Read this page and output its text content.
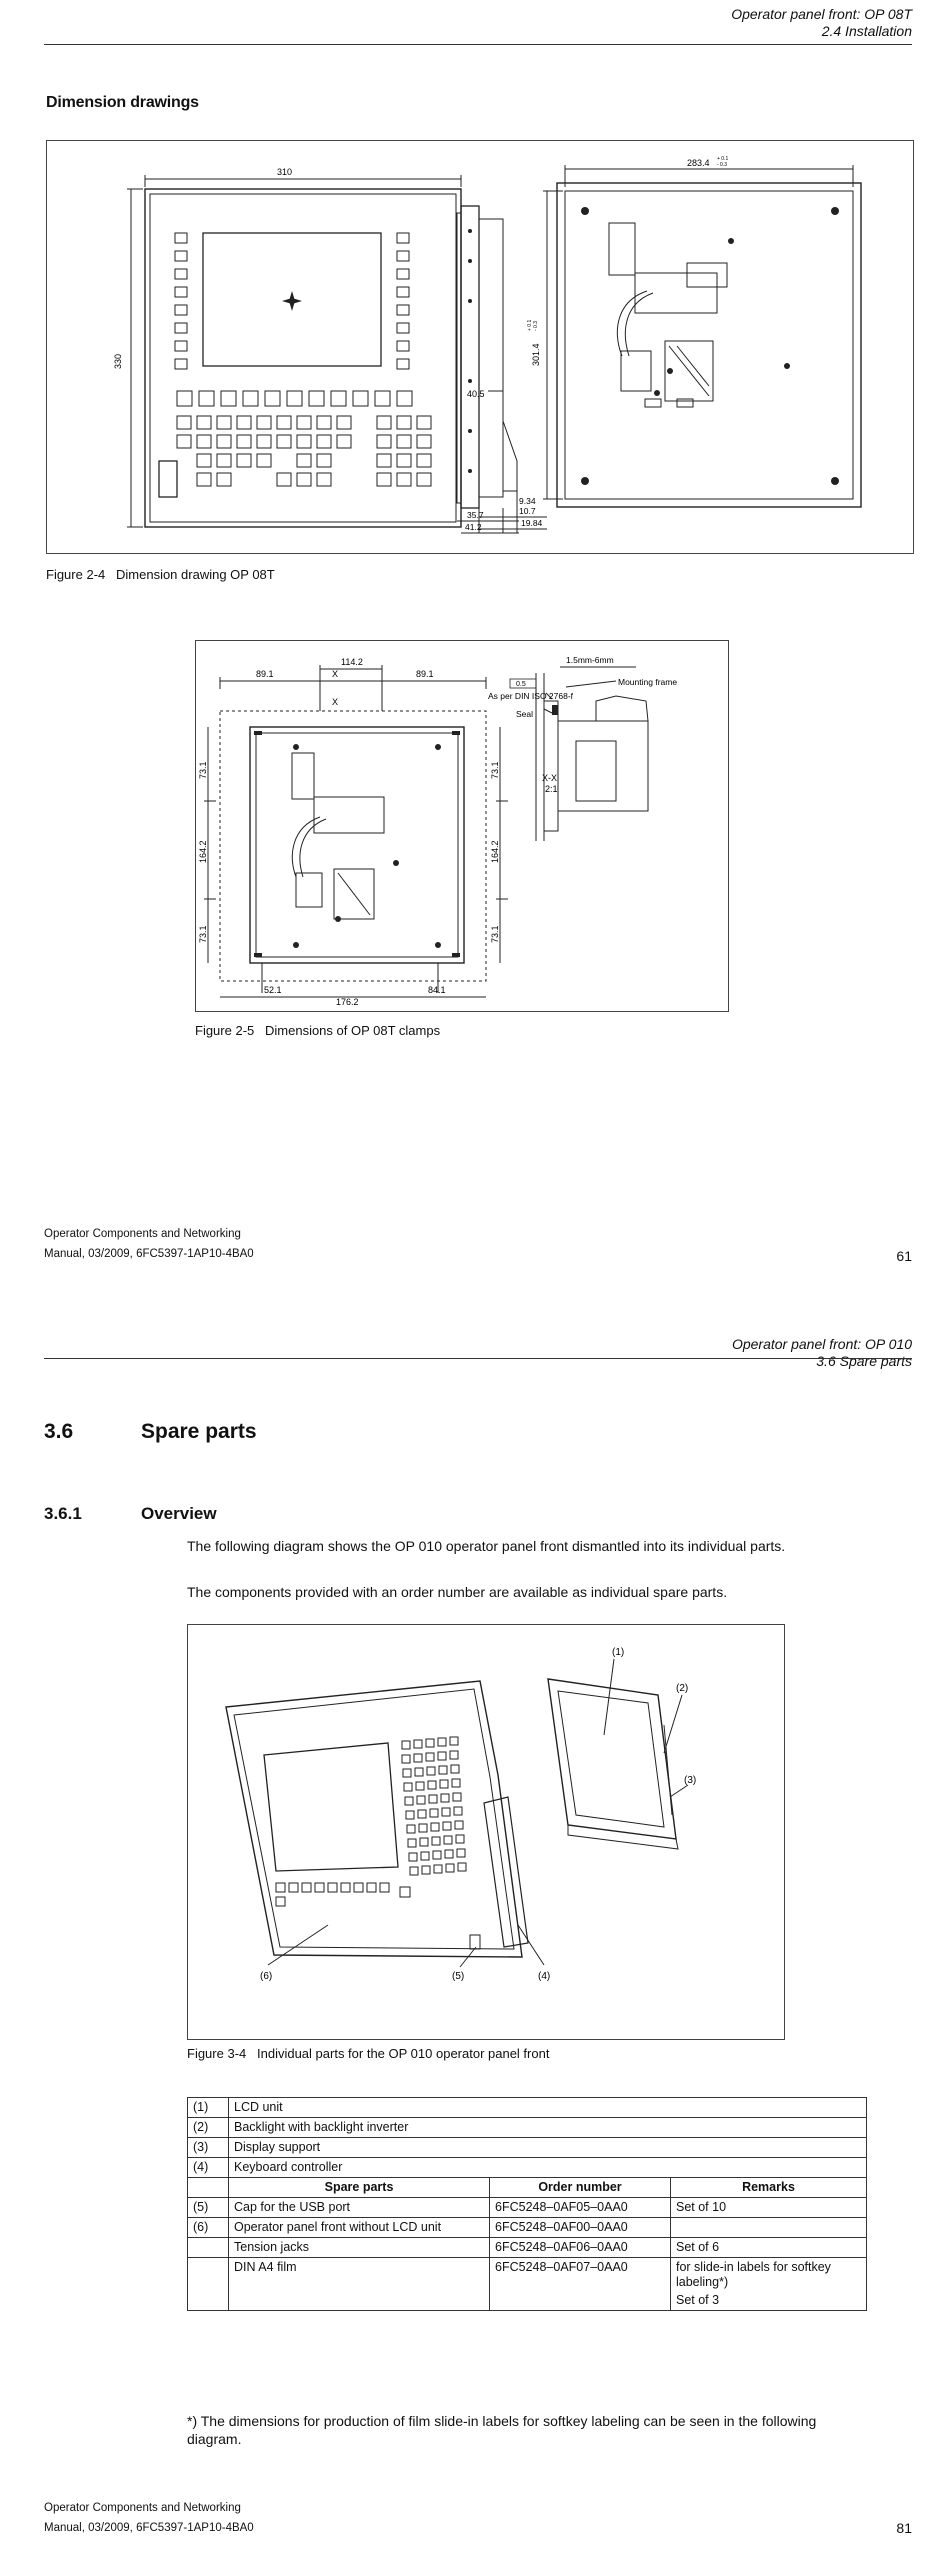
Operator panel front: OP 08T
2.4 Installation
Dimension drawings
310
330
40.5
9.34
10.7
35.7
19.84
41.2
283.4 + 0.1
- 0.3
301.4
+ 0.1 - 0.3
Figure 2-4 Dimension drawing OP 08T
114.2
89.1	89.1
X
X
73.1
164.2
73.1
73.1
164.2
73.1
52.1
176.2
84.1
1.5mm-6mm
Mounting frame
0.5
As per DIN ISO 2768-f
Seal
X-X
2:1
Figure 2-5 Dimensions of OP 08T clamps
Operator Components and Networking
Manual, 03/2009, 6FC5397-1AP10-4BA0	61
Operator panel front: OP 010
3.6 Spare parts
3.6	Spare parts
3.6.1	Overview
The following diagram shows the OP 010 operator panel front dismantled into its individual parts.
The components provided with an order number are available as individual spare parts.
(1)
(2)
(3)
(4)
(5)
(6)
Figure 3-4 Individual parts for the OP 010 operator panel front
(1)	LCD unit		
(2)	Backlight with backlight inverter		
(3)	Display support		
(4)	Keyboard controller		
	Spare parts	Order number	Remarks
(5)	Cap for the USB port	6FC5248–0AF05–0AA0	Set of 10
(6)	Operator panel front without LCD unit	6FC5248–0AF00–0AA0	
	Tension jacks	6FC5248–0AF06–0AA0	Set of 6
	DIN A4 film	6FC5248–0AF07–0AA0	for slide-in labels for softkey labeling*)
Set of 3
*) The dimensions for production of film slide-in labels for softkey labeling can be seen in the following diagram.
Operator Components and Networking
Manual, 03/2009, 6FC5397-1AP10-4BA0	81
